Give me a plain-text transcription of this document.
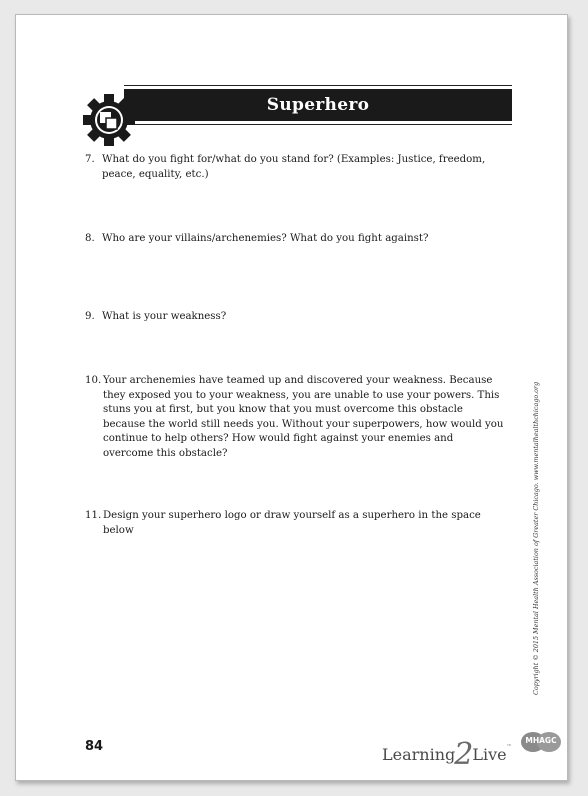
Superhero
7. What do you fight for/what do you stand for? (Examples: Justice, freedom, peace, equality, etc.)
8. Who are your villains/archenemies? What do you fight against?
9. What is your weakness?
10. Your archenemies have teamed up and discovered your weakness. Because they exposed you to your weakness, you are unable to use your powers. This stuns you at first, but you know that you must overcome this obstacle because the world still needs you. Without your superpowers, how would you continue to help others? How would fight against your enemies and overcome this obstacle?
11. Design your superhero logo or draw yourself as a superhero in the space below	Copyright © 2015 Mental Health Association of Greater Chicago. www.mentalhealthchicago.org
84	Learning2Live™
MHAGC
